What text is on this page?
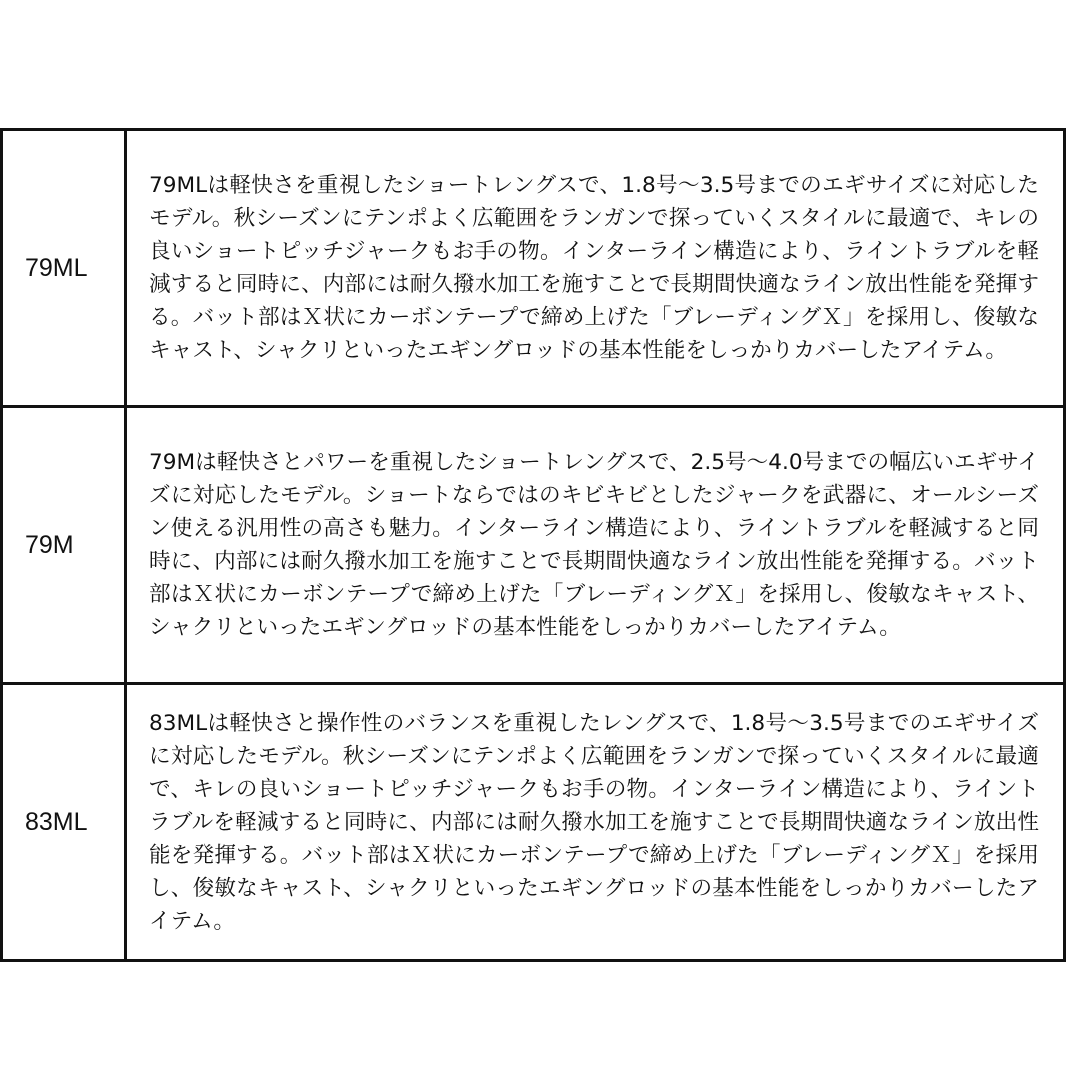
79ML	79MLは軽快さを重視したショートレングスで、1.8号〜3.5号までのエギサイズに対応したモデル。秋シーズンにテンポよく広範囲をランガンで探っていくスタイルに最適で、キレの良いショートピッチジャークもお手の物。インターライン構造により、ライントラブルを軽減すると同時に、内部には耐久撥水加工を施すことで長期間快適なライン放出性能を発揮する。バット部はＸ状にカーボンテープで締め上げた「ブレーディングＸ」を採用し、俊敏なキャスト、シャクリといったエギングロッドの基本性能をしっかりカバーしたアイテム。
79M	79Mは軽快さとパワーを重視したショートレングスで、2.5号〜4.0号までの幅広いエギサイズに対応したモデル。ショートならではのキビキビとしたジャークを武器に、オールシーズン使える汎用性の高さも魅力。インターライン構造により、ライントラブルを軽減すると同時に、内部には耐久撥水加工を施すことで長期間快適なライン放出性能を発揮する。バット部はＸ状にカーボンテープで締め上げた「ブレーディングＸ」を採用し、俊敏なキャスト、シャクリといったエギングロッドの基本性能をしっかりカバーしたアイテム。
83ML	83MLは軽快さと操作性のバランスを重視したレングスで、1.8号〜3.5号までのエギサイズに対応したモデル。秋シーズンにテンポよく広範囲をランガンで探っていくスタイルに最適で、キレの良いショートピッチジャークもお手の物。インターライン構造により、ライントラブルを軽減すると同時に、内部には耐久撥水加工を施すことで長期間快適なライン放出性能を発揮する。バット部はＸ状にカーボンテープで締め上げた「ブレーディングＸ」を採用し、俊敏なキャスト、シャクリといったエギングロッドの基本性能をしっかりカバーしたアイテム。
